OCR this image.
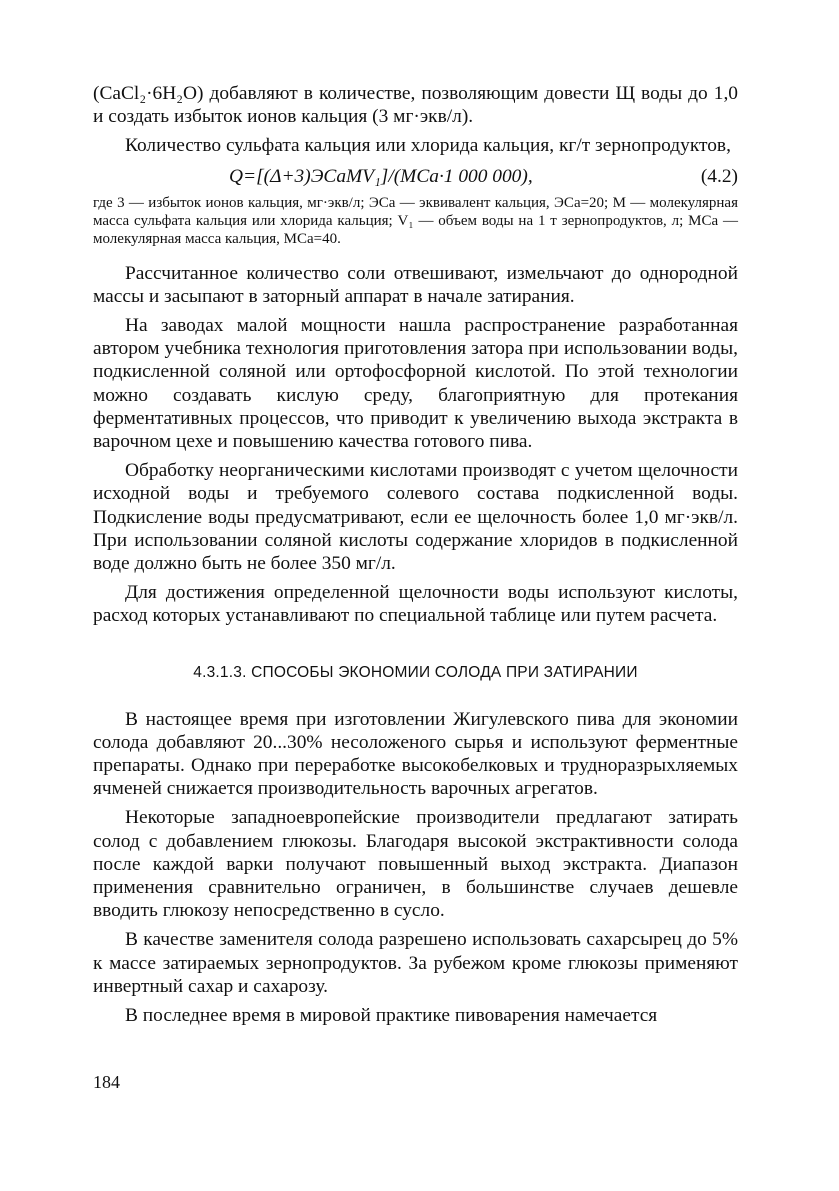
(CaCl₂·6H₂O) добавляют в количестве, позволяющим довести Щ воды до 1,0 и создать избыток ионов кальция (3 мг·экв/л).

Количество сульфата кальция или хлорида кальция, кг/т зернопродуктов,

Q=[(Δ+3)ЭCaMV₁]/(MCa·1 000 000),	(4.2)

где 3 — избыток ионов кальция, мг·экв/л; ЭCa — эквивалент кальция, ЭCa=20; M — молекулярная масса сульфата кальция или хлорида кальция; V₁ — объем воды на 1 т зернопродуктов, л; MCa — молекулярная масса кальция, MCa=40.

Рассчитанное количество соли отвешивают, измельчают до однородной массы и засыпают в заторный аппарат в начале затирания.

На заводах малой мощности нашла распространение разработанная автором учебника технология приготовления затора при использовании воды, подкисленной соляной или ортофосфорной кислотой. По этой технологии можно создавать кислую среду, благоприятную для протекания ферментативных процессов, что приводит к увеличению выхода экстракта в варочном цехе и повышению качества готового пива.

Обработку неорганическими кислотами производят с учетом щелочности исходной воды и требуемого солевого состава подкисленной воды. Подкисление воды предусматривают, если ее щелочность более 1,0 мг·экв/л. При использовании соляной кислоты содержание хлоридов в подкисленной воде должно быть не более 350 мг/л.

Для достижения определенной щелочности воды используют кислоты, расход которых устанавливают по специальной таблице или путем расчета.

4.3.1.3. СПОСОБЫ ЭКОНОМИИ СОЛОДА ПРИ ЗАТИРАНИИ

В настоящее время при изготовлении Жигулевского пива для экономии солода добавляют 20...30% несоложеного сырья и используют ферментные препараты. Однако при переработке высокобелковых и трудноразрыхляемых ячменей снижается производительность варочных агрегатов.

Некоторые западноевропейские производители предлагают затирать солод с добавлением глюкозы. Благодаря высокой экстрактивности солода после каждой варки получают повышенный выход экстракта. Диапазон применения сравнительно ограничен, в большинстве случаев дешевле вводить глюкозу непосредственно в сусло.

В качестве заменителя солода разрешено использовать сахарсырец до 5% к массе затираемых зернопродуктов. За рубежом кроме глюкозы применяют инвертный сахар и сахарозу.

В последнее время в мировой практике пивоварения намечается

184
